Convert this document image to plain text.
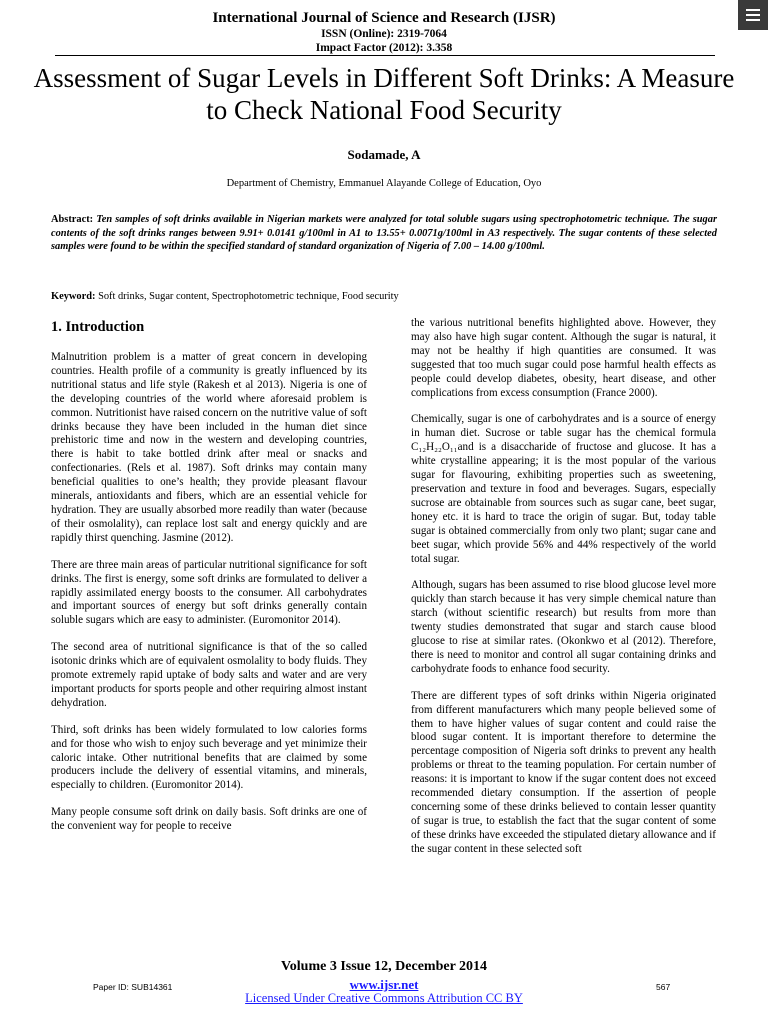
International Journal of Science and Research (IJSR)
ISSN (Online): 2319-7064
Impact Factor (2012): 3.358
Assessment of Sugar Levels in Different Soft Drinks: A Measure to Check National Food Security
Sodamade, A
Department of Chemistry, Emmanuel Alayande College of Education, Oyo
Abstract: Ten samples of soft drinks available in Nigerian markets were analyzed for total soluble sugars using spectrophotometric technique. The sugar contents of the soft drinks ranges between 9.91+ 0.0141 g/100ml in A1 to 13.55+ 0.0071g/100ml in A3 respectively. The sugar contents of these selected samples were found to be within the specified standard of standard organization of Nigeria of 7.00 – 14.00 g/100ml.
Keyword: Soft drinks, Sugar content, Spectrophotometric technique, Food security
1. Introduction

Malnutrition problem is a matter of great concern in developing countries. Health profile of a community is greatly influenced by its nutritional status and life style (Rakesh et al 2013). Nigeria is one of the developing countries of the world where aforesaid problem is common. Nutritionist have raised concern on the nutritive value of soft drinks because they have been included in the human diet since prehistoric time and now in the western and developing countries, there is habit to take bottled drink after meal or snacks and confectionaries. (Rels et al. 1987). Soft drinks may contain many beneficial qualities to one’s health; they provide pleasant flavour minerals, antioxidants and fibers, which are an essential vehicle for hydration. They are usually absorbed more readily than water (because of their osmolality), can replace lost salt and energy quickly and are rapidly thirst quenching. Jasmine (2012).

There are three main areas of particular nutritional significance for soft drinks. The first is energy, some soft drinks are formulated to deliver a rapidly assimilated energy boosts to the consumer. All carbohydrates and important sources of energy but soft drinks generally contain soluble sugars which are easy to administer. (Euromonitor 2014).

The second area of nutritional significance is that of the so called isotonic drinks which are of equivalent osmolality to body fluids. They promote extremely rapid uptake of body salts and water and are very important products for sports people and other requiring almost instant dehydration.

Third, soft drinks has been widely formulated to low calories forms and for those who wish to enjoy such beverage and yet minimize their caloric intake. Other nutritional benefits that are claimed by some producers include the delivery of essential vitamins, and minerals, especially to children. (Euromonitor 2014).

Many people consume soft drink on daily basis. Soft drinks are one of the convenient way for people to receive

the various nutritional benefits highlighted above. However, they may also have high sugar content. Although the sugar is natural, it may not be healthy if high quantities are consumed. It was suggested that too much sugar could pose harmful health effects as people could develop diabetes, obesity, heart disease, and other complications from excess consumption (France 2000).

Chemically, sugar is one of carbohydrates and is a source of energy in human diet. Sucrose or table sugar has the chemical formula C₁₂H₂₂O₁₁and is a disaccharide of fructose and glucose. It has a white crystalline appearing; it is the most popular of the various sugar for flavouring, exhibiting properties such as sweetening, preservation and texture in food and beverages. Sugars, especially sucrose are obtainable from sources such as sugar cane, beet sugar, honey etc. it is hard to trace the origin of sugar. But, today table sugar is obtained commercially from only two plant; sugar cane and beet sugar, which provide 56% and 44% respectively of the world total sugar.

Although, sugars has been assumed to rise blood glucose level more quickly than starch because it has very simple chemical nature than starch (without scientific research) but results from more than twenty studies demonstrated that sugar and starch cause blood glucose to rise at similar rates. (Okonkwo et al (2012). Therefore, there is need to monitor and control all sugar containing drinks and carbohydrate foods to enhance food security.

There are different types of soft drinks within Nigeria originated from different manufacturers which many people believed some of them to have higher values of sugar content and could raise the blood sugar content. It is important therefore to determine the percentage composition of Nigeria soft drinks to prevent any health problems or threat to the teaming population. For certain number of reasons: it is important to know if the sugar content does not exceed recommended dietary consumption. If the assertion of people concerning some of these drinks believed to contain lesser quantity of sugar is true, to establish the fact that the sugar content of some of these drinks have exceeded the stipulated dietary allowance and if the sugar content in these selected soft

Volume 3 Issue 12, December 2014
www.ijsr.net
Licensed Under Creative Commons Attribution CC BY
Paper ID: SUB14361	567
